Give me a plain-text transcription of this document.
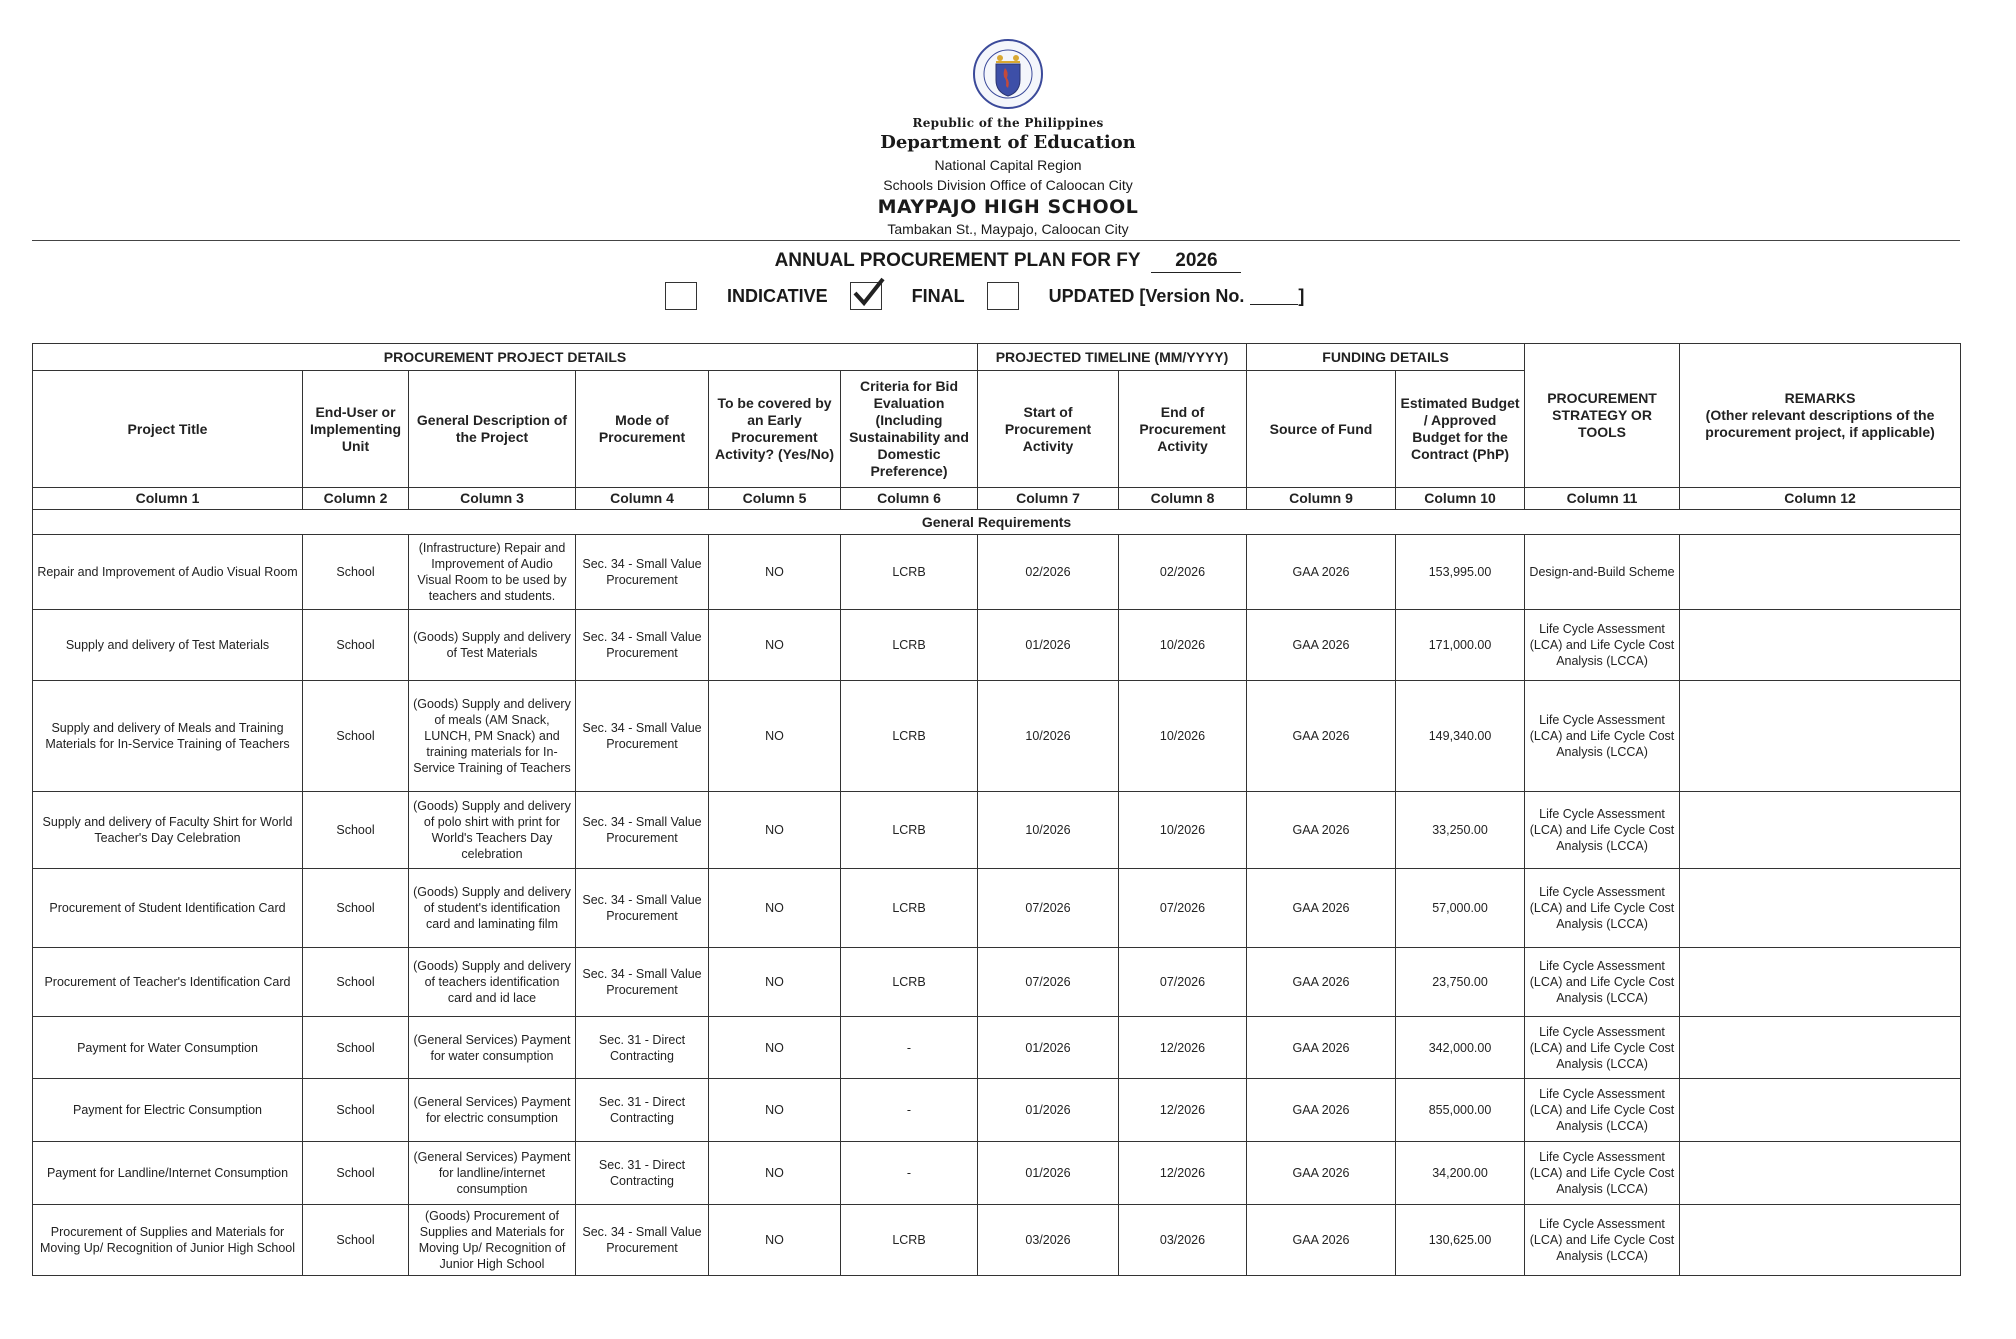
Republic of the Philippines
Department of Education
National Capital Region
Schools Division Office of Caloocan City
MAYPAJO HIGH SCHOOL
Tambakan St., Maypajo, Caloocan City
ANNUAL PROCUREMENT PLAN FOR FY 2026
INDICATIVE	FINAL	UPDATED [Version No.	]
PROCUREMENT PROJECT DETAILS						PROJECTED TIMELINE (MM/YYYY)		FUNDING DETAILS		PROCUREMENT STRATEGY OR TOOLS	REMARKS
(Other relevant descriptions of the procurement project, if applicable)
Project Title	End-User or Implementing Unit	General Description of the Project	Mode of Procurement	To be covered by an Early Procurement Activity? (Yes/No)	Criteria for Bid Evaluation (Including Sustainability and Domestic Preference)	Start of Procurement Activity	End of Procurement Activity	Source of Fund	Estimated Budget / Approved Budget for the Contract (PhP)		
Column 1	Column 2	Column 3	Column 4	Column 5	Column 6	Column 7	Column 8	Column 9	Column 10	Column 11	Column 12
General Requirements											
Repair and Improvement of Audio Visual Room	School	(Infrastructure) Repair and Improvement of Audio Visual Room to be used by teachers and students.	Sec. 34 - Small Value Procurement	NO	LCRB	02/2026	02/2026	GAA 2026	153,995.00	Design-and-Build Scheme	
Supply and delivery of Test Materials	School	(Goods) Supply and delivery of Test Materials	Sec. 34 - Small Value Procurement	NO	LCRB	01/2026	10/2026	GAA 2026	171,000.00	Life Cycle Assessment (LCA) and Life Cycle Cost Analysis (LCCA)	
Supply and delivery of Meals and Training Materials for In-Service Training of Teachers	School	(Goods) Supply and delivery of meals (AM Snack, LUNCH, PM Snack) and training materials for In-Service Training of Teachers	Sec. 34 - Small Value Procurement	NO	LCRB	10/2026	10/2026	GAA 2026	149,340.00	Life Cycle Assessment (LCA) and Life Cycle Cost Analysis (LCCA)	
Supply and delivery of Faculty Shirt for World Teacher's Day Celebration	School	(Goods) Supply and delivery of polo shirt with print for World's Teachers Day celebration	Sec. 34 - Small Value Procurement	NO	LCRB	10/2026	10/2026	GAA 2026	33,250.00	Life Cycle Assessment (LCA) and Life Cycle Cost Analysis (LCCA)	
Procurement of Student Identification Card	School	(Goods) Supply and delivery of student's identification card and laminating film	Sec. 34 - Small Value Procurement	NO	LCRB	07/2026	07/2026	GAA 2026	57,000.00	Life Cycle Assessment (LCA) and Life Cycle Cost Analysis (LCCA)	
Procurement of Teacher's Identification Card	School	(Goods) Supply and delivery of teachers identification card and id lace	Sec. 34 - Small Value Procurement	NO	LCRB	07/2026	07/2026	GAA 2026	23,750.00	Life Cycle Assessment (LCA) and Life Cycle Cost Analysis (LCCA)	
Payment for Water Consumption	School	(General Services) Payment for water consumption	Sec. 31 - Direct Contracting	NO	-	01/2026	12/2026	GAA 2026	342,000.00	Life Cycle Assessment (LCA) and Life Cycle Cost Analysis (LCCA)	
Payment for Electric Consumption	School	(General Services) Payment for electric consumption	Sec. 31 - Direct Contracting	NO	-	01/2026	12/2026	GAA 2026	855,000.00	Life Cycle Assessment (LCA) and Life Cycle Cost Analysis (LCCA)	
Payment for Landline/Internet Consumption	School	(General Services) Payment for landline/internet consumption	Sec. 31 - Direct Contracting	NO	-	01/2026	12/2026	GAA 2026	34,200.00	Life Cycle Assessment (LCA) and Life Cycle Cost Analysis (LCCA)	
Procurement of Supplies and Materials for Moving Up/ Recognition of Junior High School	School	(Goods) Procurement of Supplies and Materials for Moving Up/ Recognition of Junior High School	Sec. 34 - Small Value Procurement	NO	LCRB	03/2026	03/2026	GAA 2026	130,625.00	Life Cycle Assessment (LCA) and Life Cycle Cost Analysis (LCCA)	
